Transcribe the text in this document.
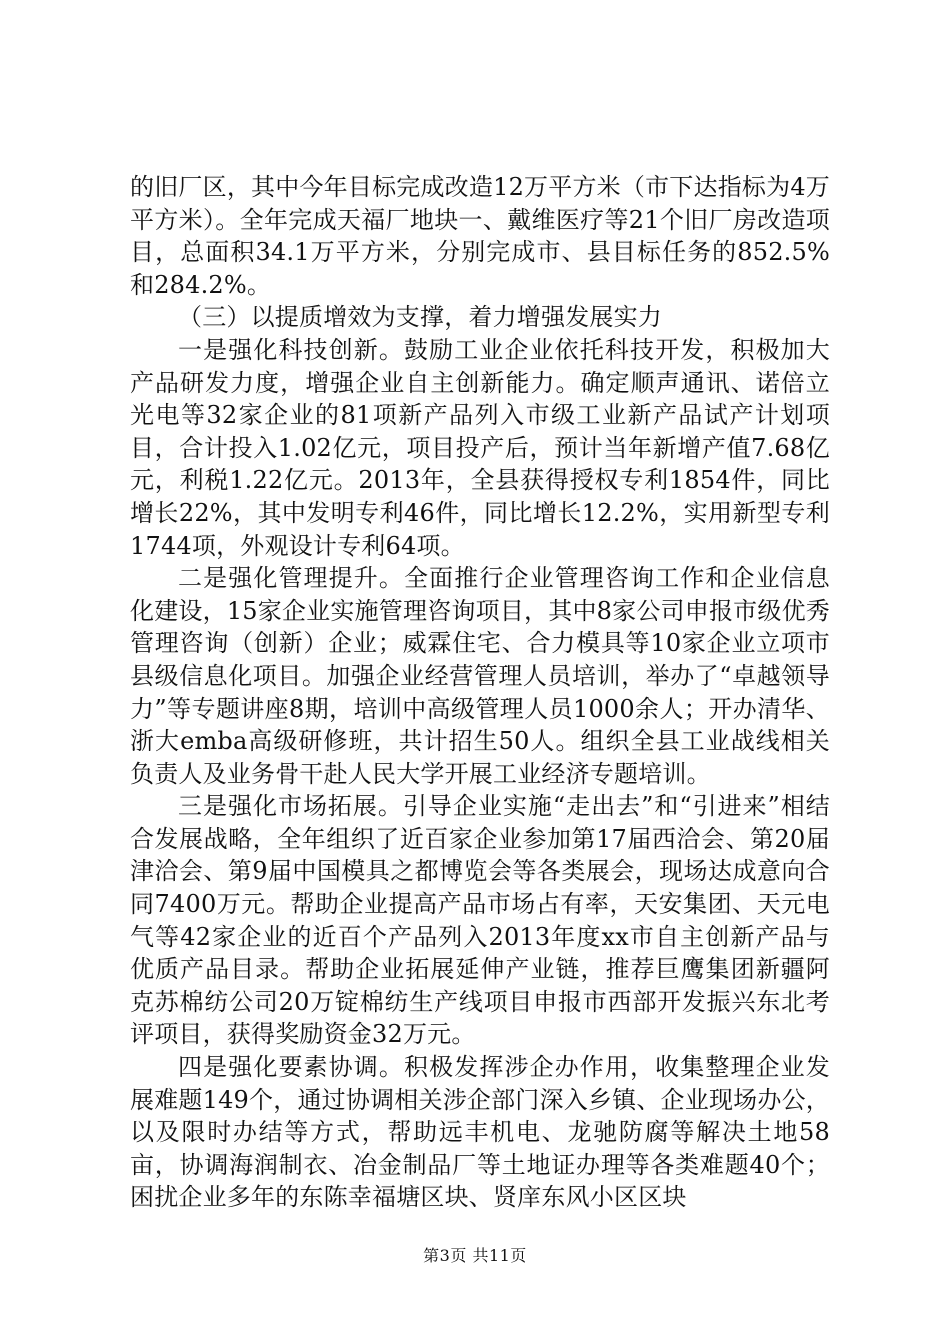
的旧厂区，其中今年目标完成改造12万平方米（市下达指标为4万平方米）。全年完成天福厂地块一、戴维医疗等21个旧厂房改造项目，总面积34.1万平方米，分别完成市、县目标任务的852.5%和284.2%。

（三）以提质增效为支撑，着力增强发展实力

一是强化科技创新。鼓励工业企业依托科技开发，积极加大产品研发力度，增强企业自主创新能力。确定顺声通讯、诺倍立光电等32家企业的81项新产品列入市级工业新产品试产计划项目，合计投入1.02亿元，项目投产后，预计当年新增产值7.68亿元，利税1.22亿元。2013年，全县获得授权专利1854件，同比增长22%，其中发明专利46件，同比增长12.2%，实用新型专利1744项，外观设计专利64项。

二是强化管理提升。全面推行企业管理咨询工作和企业信息化建设，15家企业实施管理咨询项目，其中8家公司申报市级优秀管理咨询（创新）企业；威霖住宅、合力模具等10家企业立项市县级信息化项目。加强企业经营管理人员培训，举办了“卓越领导力”等专题讲座8期，培训中高级管理人员1000余人；开办清华、浙大emba高级研修班，共计招生50人。组织全县工业战线相关负责人及业务骨干赴人民大学开展工业经济专题培训。

三是强化市场拓展。引导企业实施“走出去”和“引进来”相结合发展战略，全年组织了近百家企业参加第17届西洽会、第20届津洽会、第9届中国模具之都博览会等各类展会，现场达成意向合同7400万元。帮助企业提高产品市场占有率，天安集团、天元电气等42家企业的近百个产品列入2013年度xx市自主创新产品与优质产品目录。帮助企业拓展延伸产业链，推荐巨鹰集团新疆阿克苏棉纺公司20万锭棉纺生产线项目申报市西部开发振兴东北考评项目，获得奖励资金32万元。

四是强化要素协调。积极发挥涉企办作用，收集整理企业发展难题149个，通过协调相关涉企部门深入乡镇、企业现场办公，以及限时办结等方式，帮助远丰机电、龙驰防腐等解决土地58亩，协调海润制衣、冶金制品厂等土地证办理等各类难题40个；困扰企业多年的东陈幸福塘区块、贤庠东风小区区块

第3页 共11页
